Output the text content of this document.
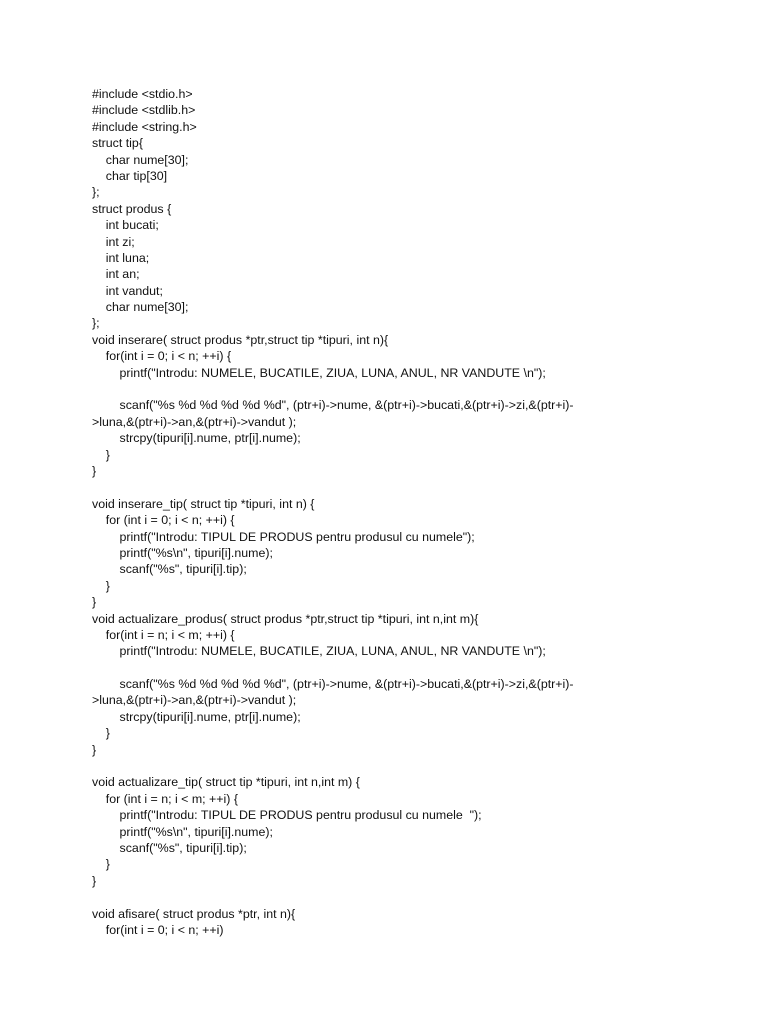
#include <stdio.h>
#include <stdlib.h>
#include <string.h>
struct tip{
char nume[30];
char tip[30]
};
struct produs {
int bucati;
int zi;
int luna;
int an;
int vandut;
char nume[30];
};
void inserare( struct produs *ptr,struct tip *tipuri, int n){
for(int i = 0; i < n; ++i) {
printf("Introdu: NUMELE, BUCATILE, ZIUA, LUNA, ANUL, NR VANDUTE \n");
scanf("%s %d %d %d %d %d", (ptr+i)->nume, &(ptr+i)->bucati,&(ptr+i)->zi,&(ptr+i)-
>luna,&(ptr+i)->an,&(ptr+i)->vandut );
strcpy(tipuri[i].nume, ptr[i].nume);
}
}
void inserare_tip( struct tip *tipuri, int n) {
for (int i = 0; i < n; ++i) {
printf("Introdu: TIPUL DE PRODUS pentru produsul cu numele");
printf("%s\n", tipuri[i].nume);
scanf("%s", tipuri[i].tip);
}
}
void actualizare_produs( struct produs *ptr,struct tip *tipuri, int n,int m){
for(int i = n; i < m; ++i) {
printf("Introdu: NUMELE, BUCATILE, ZIUA, LUNA, ANUL, NR VANDUTE \n");
scanf("%s %d %d %d %d %d", (ptr+i)->nume, &(ptr+i)->bucati,&(ptr+i)->zi,&(ptr+i)-
>luna,&(ptr+i)->an,&(ptr+i)->vandut );
strcpy(tipuri[i].nume, ptr[i].nume);
}
}
void actualizare_tip( struct tip *tipuri, int n,int m) {
for (int i = n; i < m; ++i) {
printf("Introdu: TIPUL DE PRODUS pentru produsul cu numele  ");
printf("%s\n", tipuri[i].nume);
scanf("%s", tipuri[i].tip);
}
}
void afisare( struct produs *ptr, int n){
for(int i = 0; i < n; ++i)
